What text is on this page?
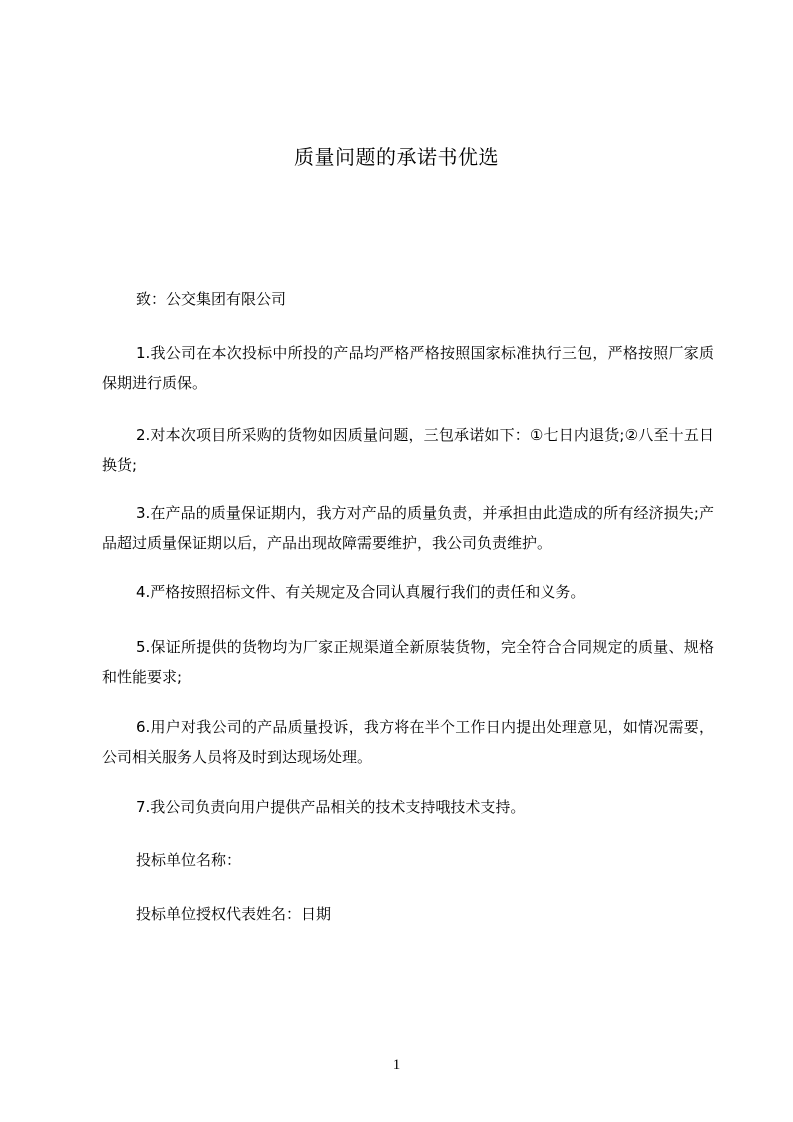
质量问题的承诺书优选
致：公交集团有限公司
1.我公司在本次投标中所投的产品均严格严格按照国家标准执行三包，严格按照厂家质保期进行质保。
2.对本次项目所采购的货物如因质量问题，三包承诺如下：①七日内退货;②八至十五日换货;
3.在产品的质量保证期内，我方对产品的质量负责，并承担由此造成的所有经济损失;产品超过质量保证期以后，产品出现故障需要维护，我公司负责维护。
4.严格按照招标文件、有关规定及合同认真履行我们的责任和义务。
5.保证所提供的货物均为厂家正规渠道全新原装货物，完全符合合同规定的质量、规格和性能要求;
6.用户对我公司的产品质量投诉，我方将在半个工作日内提出处理意见，如情况需要，公司相关服务人员将及时到达现场处理。
7.我公司负责向用户提供产品相关的技术支持哦技术支持。
投标单位名称：
投标单位授权代表姓名：日期
1
